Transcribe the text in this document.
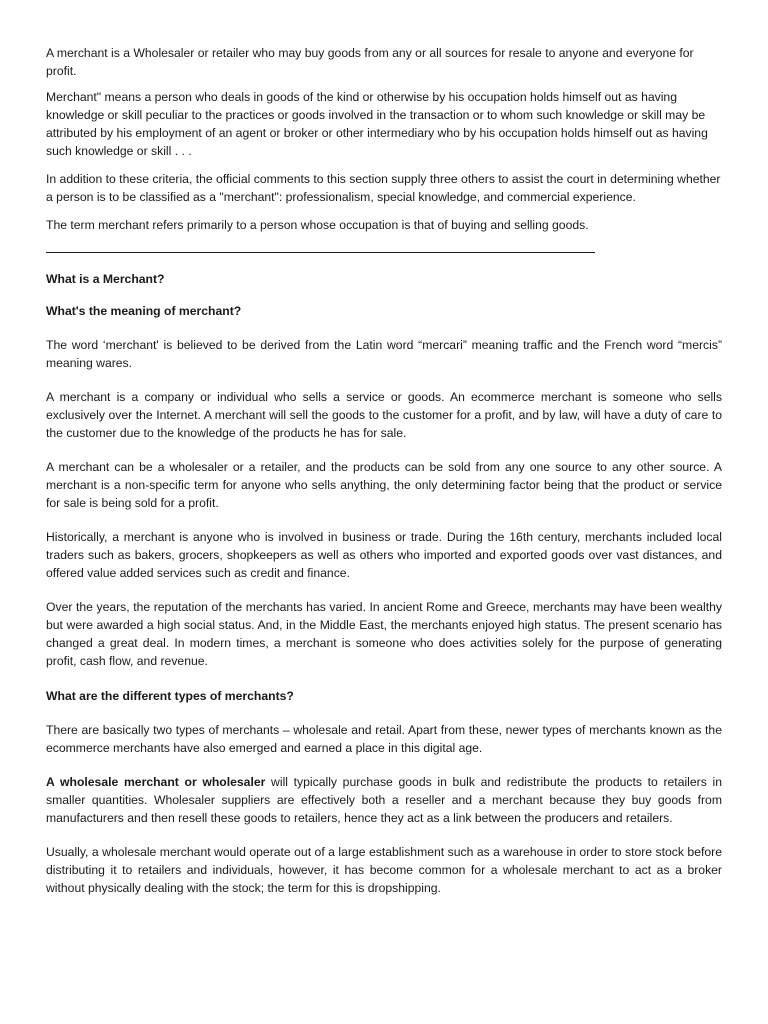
A merchant is a Wholesaler or retailer who may buy goods from any or all sources for resale to anyone and everyone for profit.

Merchant" means a person who deals in goods of the kind or otherwise by his occupation holds himself out as having knowledge or skill peculiar to the practices or goods involved in the transaction or to whom such knowledge or skill may be attributed by his employment of an agent or broker or other intermediary who by his occupation holds himself out as having such knowledge or skill . . .

In addition to these criteria, the official comments to this section supply three others to assist the court in determining whether a person is to be classified as a "merchant": professionalism, special knowledge, and commercial experience.

The term merchant refers primarily to a person whose occupation is that of buying and selling goods.

What is a Merchant?

What's the meaning of merchant?

The word ‘merchant' is believed to be derived from the Latin word “mercari” meaning traffic and the French word “mercis” meaning wares.

A merchant is a company or individual who sells a service or goods. An ecommerce merchant is someone who sells exclusively over the Internet. A merchant will sell the goods to the customer for a profit, and by law, will have a duty of care to the customer due to the knowledge of the products he has for sale.

A merchant can be a wholesaler or a retailer, and the products can be sold from any one source to any other source. A merchant is a non-specific term for anyone who sells anything, the only determining factor being that the product or service for sale is being sold for a profit.

Historically, a merchant is anyone who is involved in business or trade. During the 16th century, merchants included local traders such as bakers, grocers, shopkeepers as well as others who imported and exported goods over vast distances, and offered value added services such as credit and finance.

Over the years, the reputation of the merchants has varied. In ancient Rome and Greece, merchants may have been wealthy but were awarded a high social status. And, in the Middle East, the merchants enjoyed high status. The present scenario has changed a great deal. In modern times, a merchant is someone who does activities solely for the purpose of generating profit, cash flow, and revenue.

What are the different types of merchants?

There are basically two types of merchants – wholesale and retail. Apart from these, newer types of merchants known as the ecommerce merchants have also emerged and earned a place in this digital age.

A wholesale merchant or wholesaler will typically purchase goods in bulk and redistribute the products to retailers in smaller quantities. Wholesaler suppliers are effectively both a reseller and a merchant because they buy goods from manufacturers and then resell these goods to retailers, hence they act as a link between the producers and retailers.

Usually, a wholesale merchant would operate out of a large establishment such as a warehouse in order to store stock before distributing it to retailers and individuals, however, it has become common for a wholesale merchant to act as a broker without physically dealing with the stock; the term for this is dropshipping.
